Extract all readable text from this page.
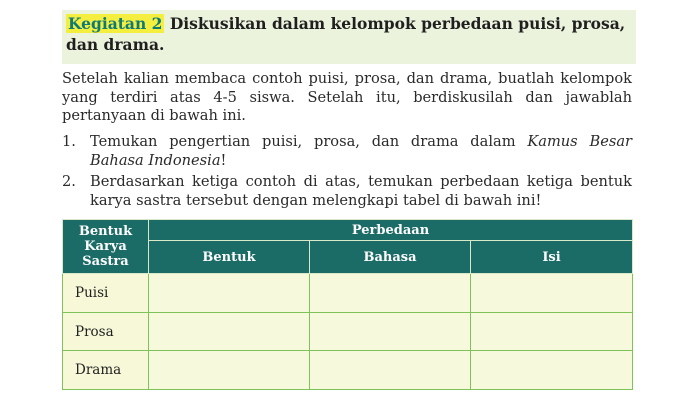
Kegiatan 2 Diskusikan dalam kelompok perbedaan puisi, prosa, dan drama.
Setelah kalian membaca contoh puisi, prosa, dan drama, buatlah kelompok yang terdiri atas 4-5 siswa. Setelah itu, berdiskusilah dan jawablah pertanyaan di bawah ini.
1. Temukan pengertian puisi, prosa, dan drama dalam Kamus Besar Bahasa Indonesia!
2. Berdasarkan ketiga contoh di atas, temukan perbedaan ketiga bentuk karya sastra tersebut dengan melengkapi tabel di bawah ini!
Bentuk Karya Sastra	Perbedaan		
	Bentuk	Bahasa	Isi
Puisi			
Prosa			
Drama			
